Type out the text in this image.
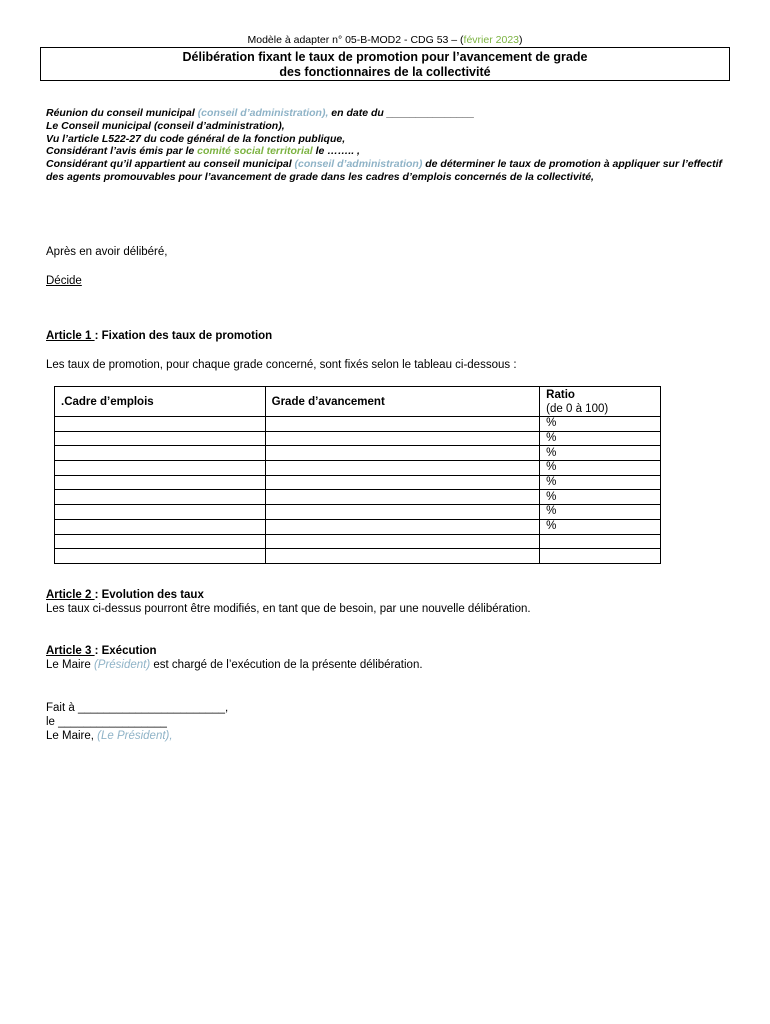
Modèle à adapter n° 05-B-MOD2 - CDG 53 – (février 2023)
Délibération fixant le taux de promotion pour l’avancement de grade
des fonctionnaires de la collectivité

Réunion du conseil municipal (conseil d’administration), en date du _______________

Le Conseil municipal (conseil d’administration),

Vu l’article L522-27 du code général de la fonction publique,

Considérant l’avis émis par le comité social territorial le …….. ,

Considérant qu’il appartient au conseil municipal (conseil d’administration) de déterminer le taux de promotion à appliquer sur l’effectif des agents promouvables pour l’avancement de grade dans les cadres d’emplois concernés de la collectivité,

Après en avoir délibéré,
Décide
Article 1 : Fixation des taux de promotion
Les taux de promotion, pour chaque grade concerné, sont fixés selon le tableau ci-dessous :
.Cadre d’emplois	Grade d’avancement	Ratio
(de 0 à 100)
		%
		%
		%
		%
		%
		%
		%
		%

Article 2 : Evolution des taux
Les taux ci-dessus pourront être modifiés, en tant que de besoin, par une nouvelle délibération.
Article 3 : Exécution
Le Maire (Président) est chargé de l’exécution de la présente délibération.
Fait à _______________________,
le _________________
Le Maire, (Le Président),
